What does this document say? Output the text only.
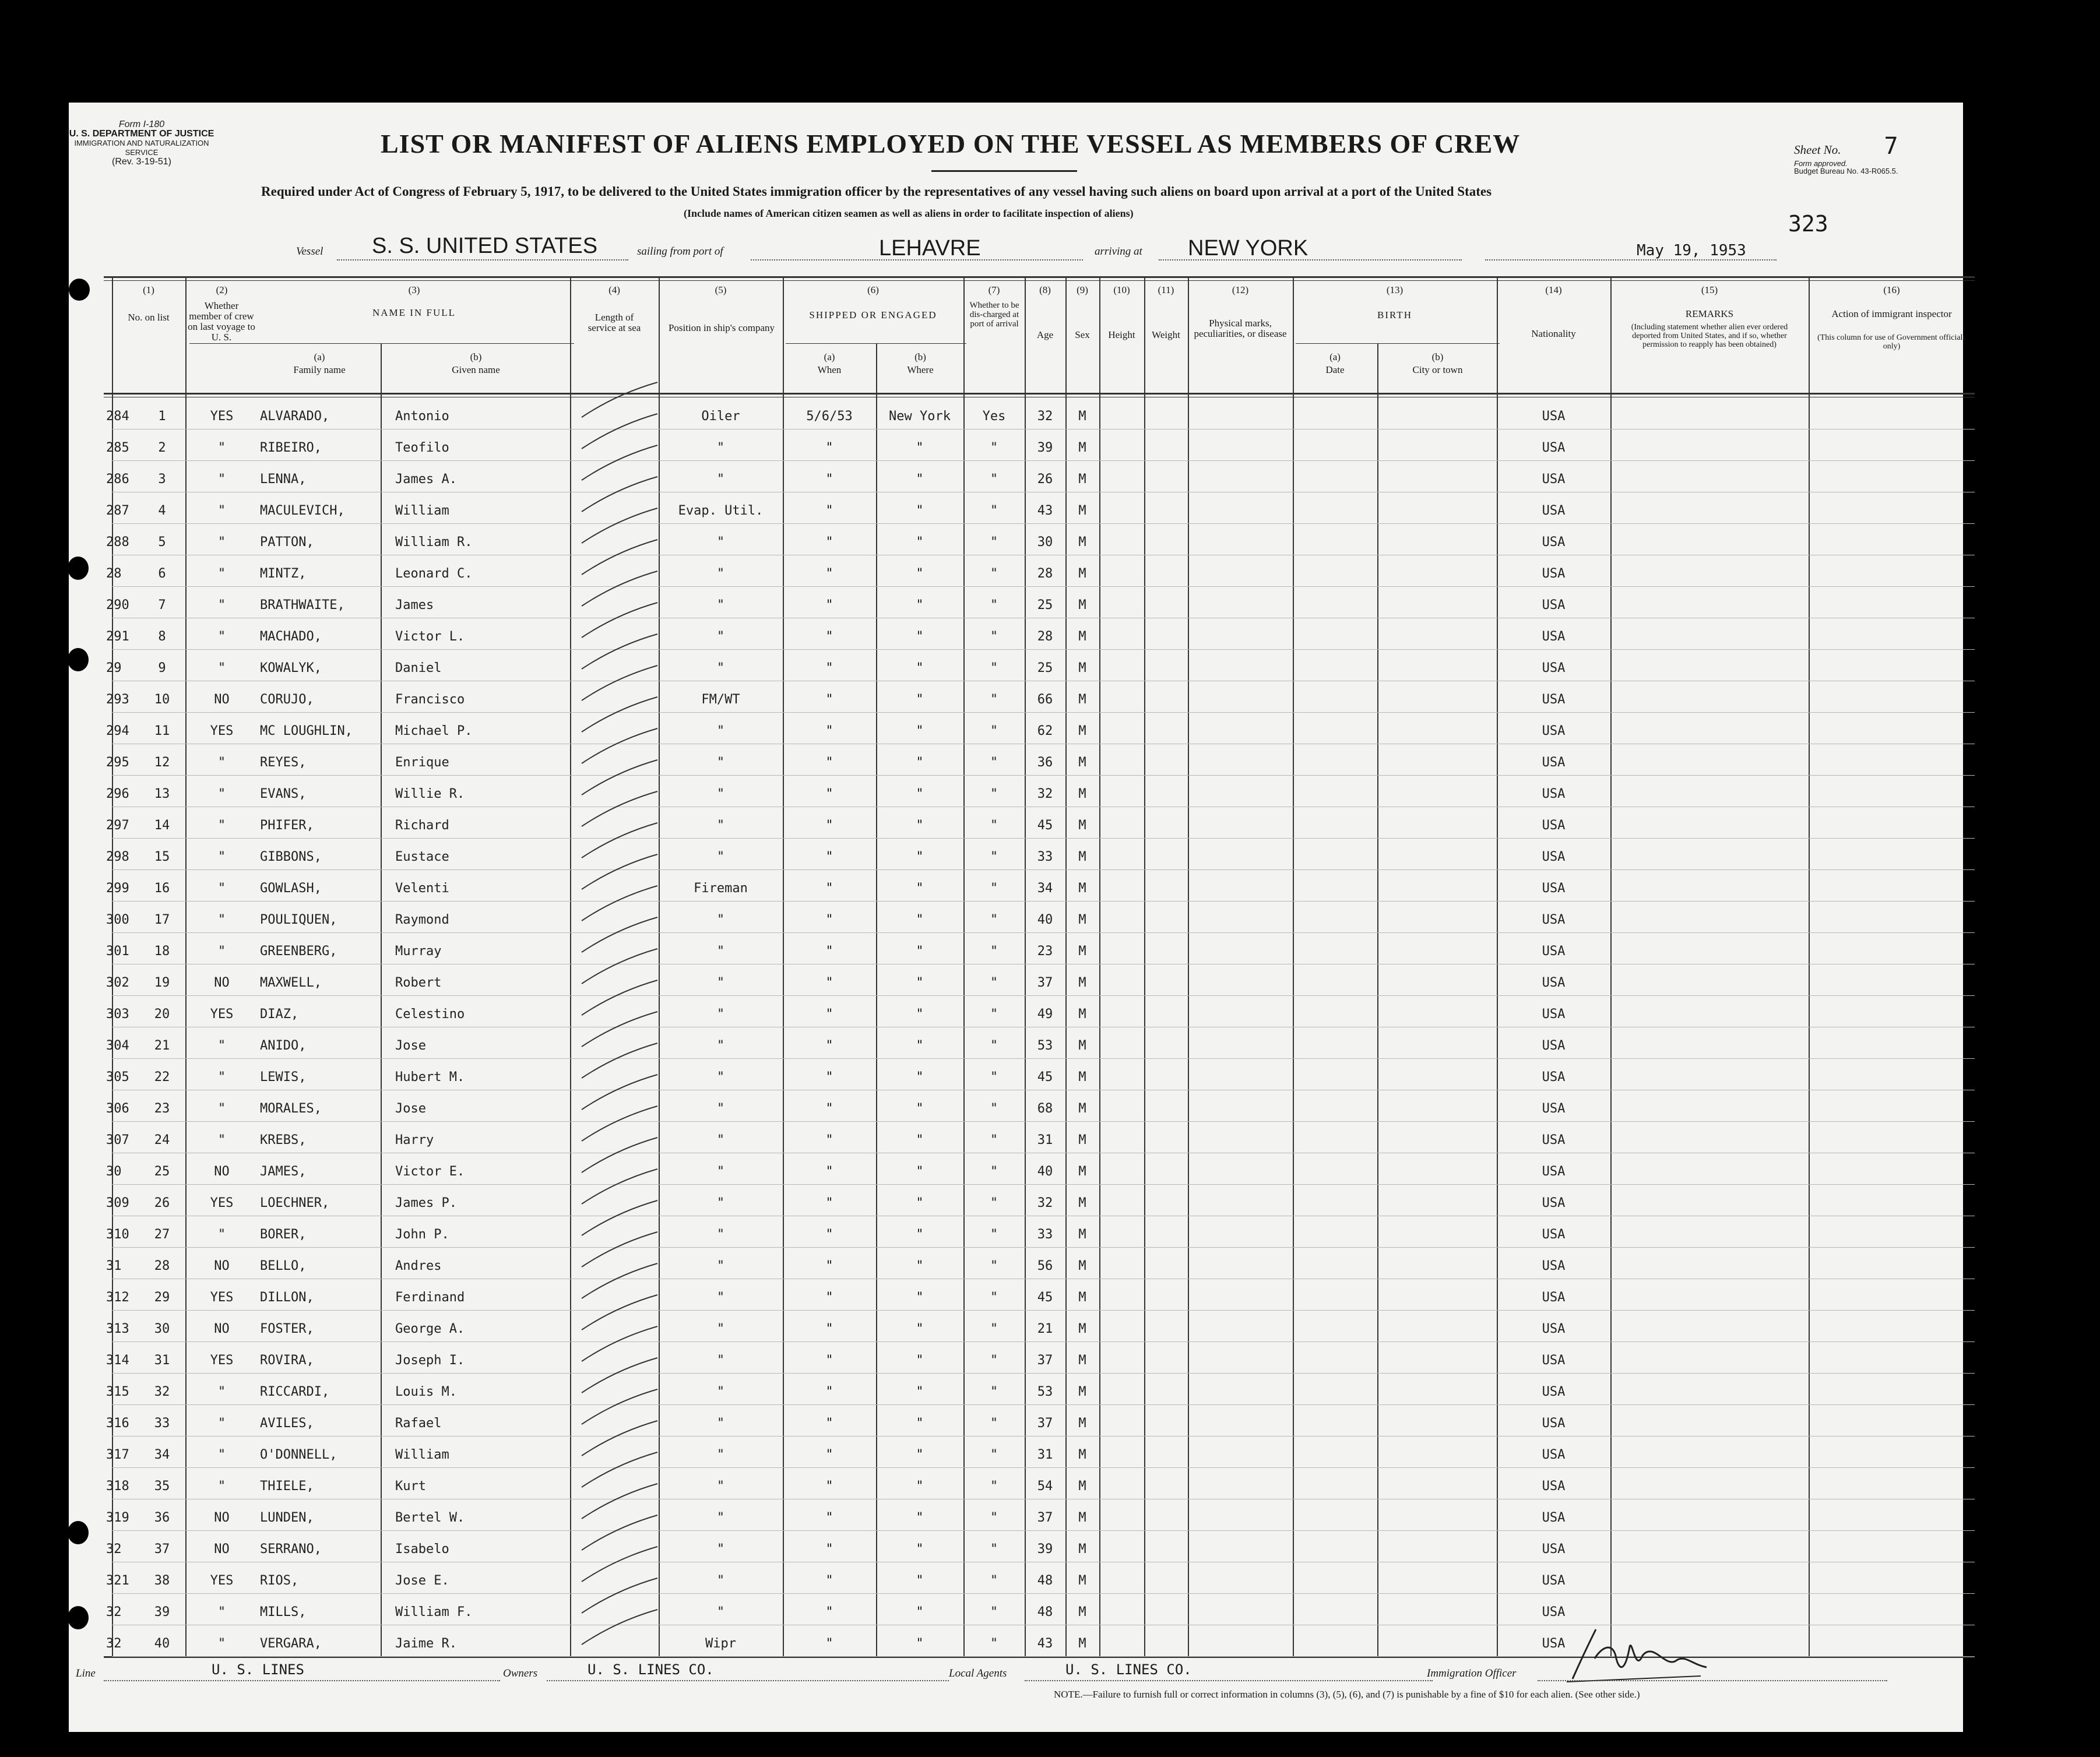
Form I-180
U. S. DEPARTMENT OF JUSTICE
IMMIGRATION AND NATURALIZATION SERVICE
(Rev. 3-19-51)
LIST OR MANIFEST OF ALIENS EMPLOYED ON THE VESSEL AS MEMBERS OF CREW	Sheet No. 7
Form approved.
Budget Bureau No. 43-R065.5.
Required under Act of Congress of February 5, 1917, to be delivered to the United States immigration officer by the representatives of any vessel having such aliens on board upon arrival at a port of the United States
(Include names of American citizen seamen as well as aliens in order to facilitate inspection of aliens)	323
Vessel S. S. UNITED STATES	sailing from port of	LEHAVRE	arriving at NEW YORK	May 19, 1953
(1)	(2)	(3)	(4)	(5)	(6)	(7)	(8)	(9)	(10)	(11)	(12)	(13)	(14)	(15)	(16)
No. on list
Whether member of crew on last voyage to U. S.
NAME IN FULL
(a)
Family name
(b)
Given name
Length of service at sea	Position in ship's company
SHIPPED OR ENGAGED
(a)
When
(b)
Where
Whether to be dis-charged at port of arrival
Age	Sex	Height	Weight
Physical marks, peculiarities, or disease
BIRTH
(a)
Date
(b)
City or town
Nationality
REMARKS
(Including statement whether alien ever ordered deported from United States, and if so, whether permission to reapply has been obtained)
Action of immigrant inspector
(This column for use of Government officials only)
284	1	YES	ALVARADO,	Antonio	Oiler	5/6/53	New York	Yes	32	M	USA
285	2	"	RIBEIRO,	Teofilo	"	"	"	"	39	M	USA
286	3	"	LENNA,	James A.	"	"	"	"	26	M	USA
287	4	"	MACULEVICH,	William	Evap. Util.	"	"	"	43	M	USA
288	5	"	PATTON,	William R.	"	"	"	"	30	M	USA
28	6	"	MINTZ,	Leonard C.	"	"	"	"	28	M	USA
290	7	"	BRATHWAITE,	James	"	"	"	"	25	M	USA
291	8	"	MACHADO,	Victor L.	"	"	"	"	28	M	USA
29	9	"	KOWALYK,	Daniel	"	"	"	"	25	M	USA
293	10	NO	CORUJO,	Francisco	FM/WT	"	"	"	66	M	USA
294	11	YES	MC LOUGHLIN,	Michael P.	"	"	"	"	62	M	USA
295	12	"	REYES,	Enrique	"	"	"	"	36	M	USA
296	13	"	EVANS,	Willie R.	"	"	"	"	32	M	USA
297	14	"	PHIFER,	Richard	"	"	"	"	45	M	USA
298	15	"	GIBBONS,	Eustace	"	"	"	"	33	M	USA
299	16	"	GOWLASH,	Velenti	Fireman	"	"	"	34	M	USA
300	17	"	POULIQUEN,	Raymond	"	"	"	"	40	M	USA
301	18	"	GREENBERG,	Murray	"	"	"	"	23	M	USA
302	19	NO	MAXWELL,	Robert	"	"	"	"	37	M	USA
303	20	YES	DIAZ,	Celestino	"	"	"	"	49	M	USA
304	21	"	ANIDO,	Jose	"	"	"	"	53	M	USA
305	22	"	LEWIS,	Hubert M.	"	"	"	"	45	M	USA
306	23	"	MORALES,	Jose	"	"	"	"	68	M	USA
307	24	"	KREBS,	Harry	"	"	"	"	31	M	USA
30	25	NO	JAMES,	Victor E.	"	"	"	"	40	M	USA
309	26	YES	LOECHNER,	James P.	"	"	"	"	32	M	USA
310	27	"	BORER,	John P.	"	"	"	"	33	M	USA
31	28	NO	BELLO,	Andres	"	"	"	"	56	M	USA
312	29	YES	DILLON,	Ferdinand	"	"	"	"	45	M	USA
313	30	NO	FOSTER,	George A.	"	"	"	"	21	M	USA
314	31	YES	ROVIRA,	Joseph I.	"	"	"	"	37	M	USA
315	32	"	RICCARDI,	Louis M.	"	"	"	"	53	M	USA
316	33	"	AVILES,	Rafael	"	"	"	"	37	M	USA
317	34	"	O'DONNELL,	William	"	"	"	"	31	M	USA
318	35	"	THIELE,	Kurt	"	"	"	"	54	M	USA
319	36	NO	LUNDEN,	Bertel W.	"	"	"	"	37	M	USA
32	37	NO	SERRANO,	Isabelo	"	"	"	"	39	M	USA
321	38	YES	RIOS,	Jose E.	"	"	"	"	48	M	USA
32	39	"	MILLS,	William F.	"	"	"	"	48	M	USA
32	40	"	VERGARA,	Jaime R.	Wipr	"	"	"	43	M	USA
Line	U. S. LINES	Owners	U. S. LINES CO.	Local Agents	U. S. LINES CO.	Immigration Officer
NOTE.—Failure to furnish full or correct information in columns (3), (5), (6), and (7) is punishable by a fine of $10 for each alien. (See other side.)
